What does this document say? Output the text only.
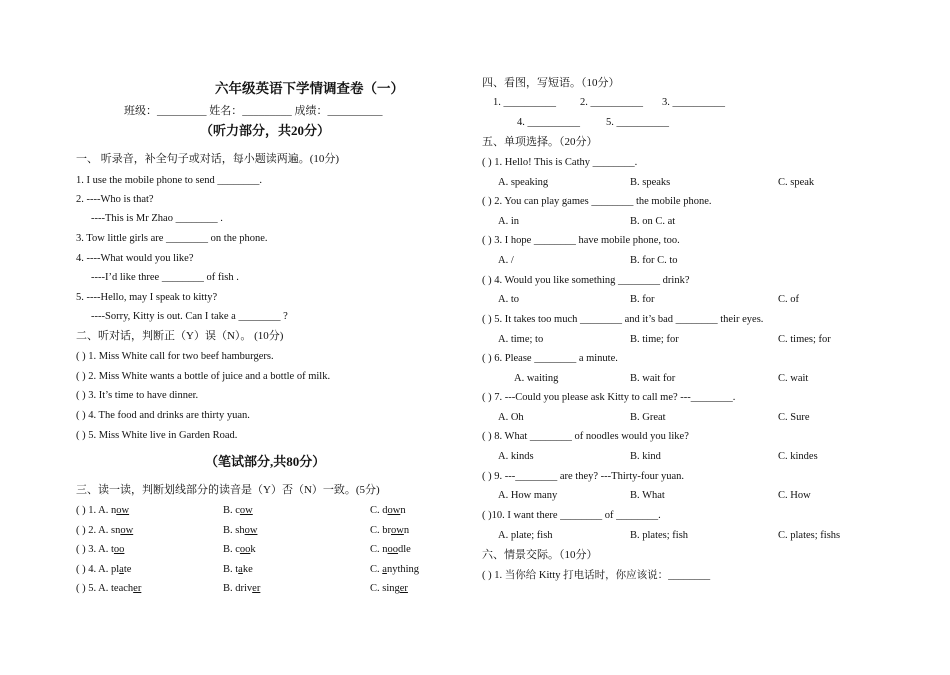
六年级英语下学情调查卷（一）
班级：_________ 姓名：_________ 成绩：__________
（听力部分，共20分）
一、 听录音，补全句子或对话，每小题读两遍。(10分)
1. I use the mobile phone to send ________.
2. ----Who is that?
----This is Mr Zhao ________ .
3. Tow little girls are ________ on the phone.
4. ----What would you like?
----I’d like three ________ of fish .
5. ----Hello, may I speak to kitty?
----Sorry, Kitty is out. Can I take a ________ ?
二、听对话，判断正（Y）误（N）。 (10分)
( ) 1. Miss White call for two beef hamburgers.
( ) 2. Miss White wants a bottle of juice and a bottle of milk.
( ) 3. It’s time to have dinner.
( ) 4. The food and drinks are thirty yuan.
( ) 5. Miss White live in Garden Road.
（笔试部分,共80分）
三、读一读，判断划线部分的读音是（Y）否（N）一致。(5分)
( ) 1. A. now	B. cow	C. down
( ) 2. A. snow	B. show	C. brown
( ) 3. A. too	B. cook	C. noodle
( ) 4. A. plate	B. take	C. anything
( ) 5. A. teacher	B. driver	C. singer
四、看图，写短语。（10分）
1. __________ 2. __________ 3. __________
4. __________ 5. __________
五、单项选择。（20分）
( ) 1. Hello! This is Cathy ________.
A. speaking	B. speaks	C. speak
( ) 2. You can play games ________ the mobile phone.
A. in	B. on C. at
( ) 3. I hope ________ have mobile phone, too.
A. /	B. for C. to
( ) 4. Would you like something ________ drink?
A. to	B. for	C. of
( ) 5. It takes too much ________ and it’s bad ________ their eyes.
A. time; to	B. time; for	C. times; for
( ) 6. Please ________ a minute.
A. waiting	B. wait for	C. wait
( ) 7. ---Could you please ask Kitty to call me? ---________.
A. Oh	B. Great	C. Sure
( ) 8. What ________ of noodles would you like?
A. kinds	B. kind	C. kindes
( ) 9. ---________ are they? ---Thirty-four yuan.
A. How many	B. What	C. How
( )10. I want there ________ of ________.
A. plate; fish	B. plates; fish	C. plates; fishs
六、情景交际。（10分）
( ) 1. 当你给 Kitty 打电话时，你应该说：________
